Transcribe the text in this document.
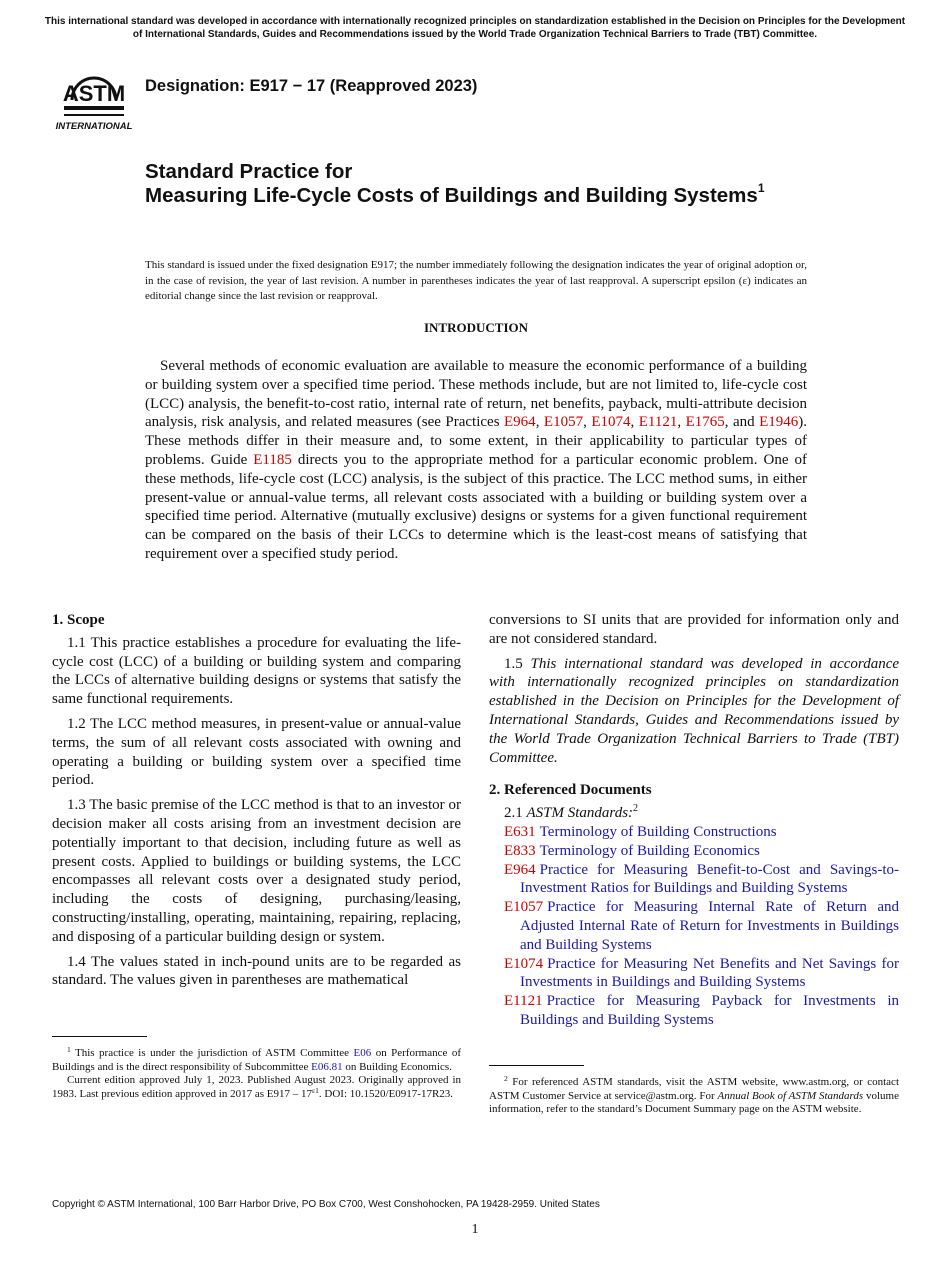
This international standard was developed in accordance with internationally recognized principles on standardization established in the Decision on Principles for the Development of International Standards, Guides and Recommendations issued by the World Trade Organization Technical Barriers to Trade (TBT) Committee.
ASTM
INTERNATIONAL
Designation: E917 − 17 (Reapproved 2023)
Standard Practice for
Measuring Life-Cycle Costs of Buildings and Building Systems$^1$
This standard is issued under the fixed designation E917; the number immediately following the designation indicates the year of original adoption or, in the case of revision, the year of last revision. A number in parentheses indicates the year of last reapproval. A superscript epsilon (ε) indicates an editorial change since the last revision or reapproval.
INTRODUCTION
Several methods of economic evaluation are available to measure the economic performance of a building or building system over a specified time period. These methods include, but are not limited to, life-cycle cost (LCC) analysis, the benefit-to-cost ratio, internal rate of return, net benefits, payback, multi-attribute decision analysis, risk analysis, and related measures (see Practices E964, E1057, E1074, E1121, E1765, and E1946). These methods differ in their measure and, to some extent, in their applicability to particular types of problems. Guide E1185 directs you to the appropriate method for a particular economic problem. One of these methods, life-cycle cost (LCC) analysis, is the subject of this practice. The LCC method sums, in either present-value or annual-value terms, all relevant costs associated with a building or building system over a specified time period. Alternative (mutually exclusive) designs or systems for a given functional requirement can be compared on the basis of their LCCs to determine which is the least-cost means of satisfying that requirement over a specified study period.
1. Scope

1.1 This practice establishes a procedure for evaluating the life-cycle cost (LCC) of a building or building system and comparing the LCCs of alternative building designs or systems that satisfy the same functional requirements.

1.2 The LCC method measures, in present-value or annual-value terms, the sum of all relevant costs associated with owning and operating a building or building system over a specified time period.

1.3 The basic premise of the LCC method is that to an investor or decision maker all costs arising from an investment decision are potentially important to that decision, including future as well as present costs. Applied to buildings or building systems, the LCC encompasses all relevant costs over a designated study period, including the costs of designing, purchasing/leasing, constructing/installing, operating, maintaining, repairing, replacing, and disposing of a particular building design or system.

1.4 The values stated in inch-pound units are to be regarded as standard. The values given in parentheses are mathematical

conversions to SI units that are provided for information only and are not considered standard.

1.5 This international standard was developed in accordance with internationally recognized principles on standardization established in the Decision on Principles for the Development of International Standards, Guides and Recommendations issued by the World Trade Organization Technical Barriers to Trade (TBT) Committee.

2. Referenced Documents

2.1 ASTM Standards:$^2$

E631 Terminology of Building Constructions
E833 Terminology of Building Economics
E964 Practice for Measuring Benefit-to-Cost and Savings-to-Investment Ratios for Buildings and Building Systems
E1057 Practice for Measuring Internal Rate of Return and Adjusted Internal Rate of Return for Investments in Buildings and Building Systems
E1074 Practice for Measuring Net Benefits and Net Savings for Investments in Buildings and Building Systems
E1121 Practice for Measuring Payback for Investments in Buildings and Building Systems

$^1$ This practice is under the jurisdiction of ASTM Committee E06 on Performance of Buildings and is the direct responsibility of Subcommittee E06.81 on Building Economics.

Current edition approved July 1, 2023. Published August 2023. Originally approved in 1983. Last previous edition approved in 2017 as $E917 - 17^{\varepsilon 1}$. DOI: 10.1520/E0917-17R23.

$^2$ For referenced ASTM standards, visit the ASTM website, www.astm.org, or contact ASTM Customer Service at service@astm.org. For Annual Book of ASTM Standards volume information, refer to the standard’s Document Summary page on the ASTM website.

Copyright © ASTM International, 100 Barr Harbor Drive, PO Box C700, West Conshohocken, PA 19428-2959. United States
1
